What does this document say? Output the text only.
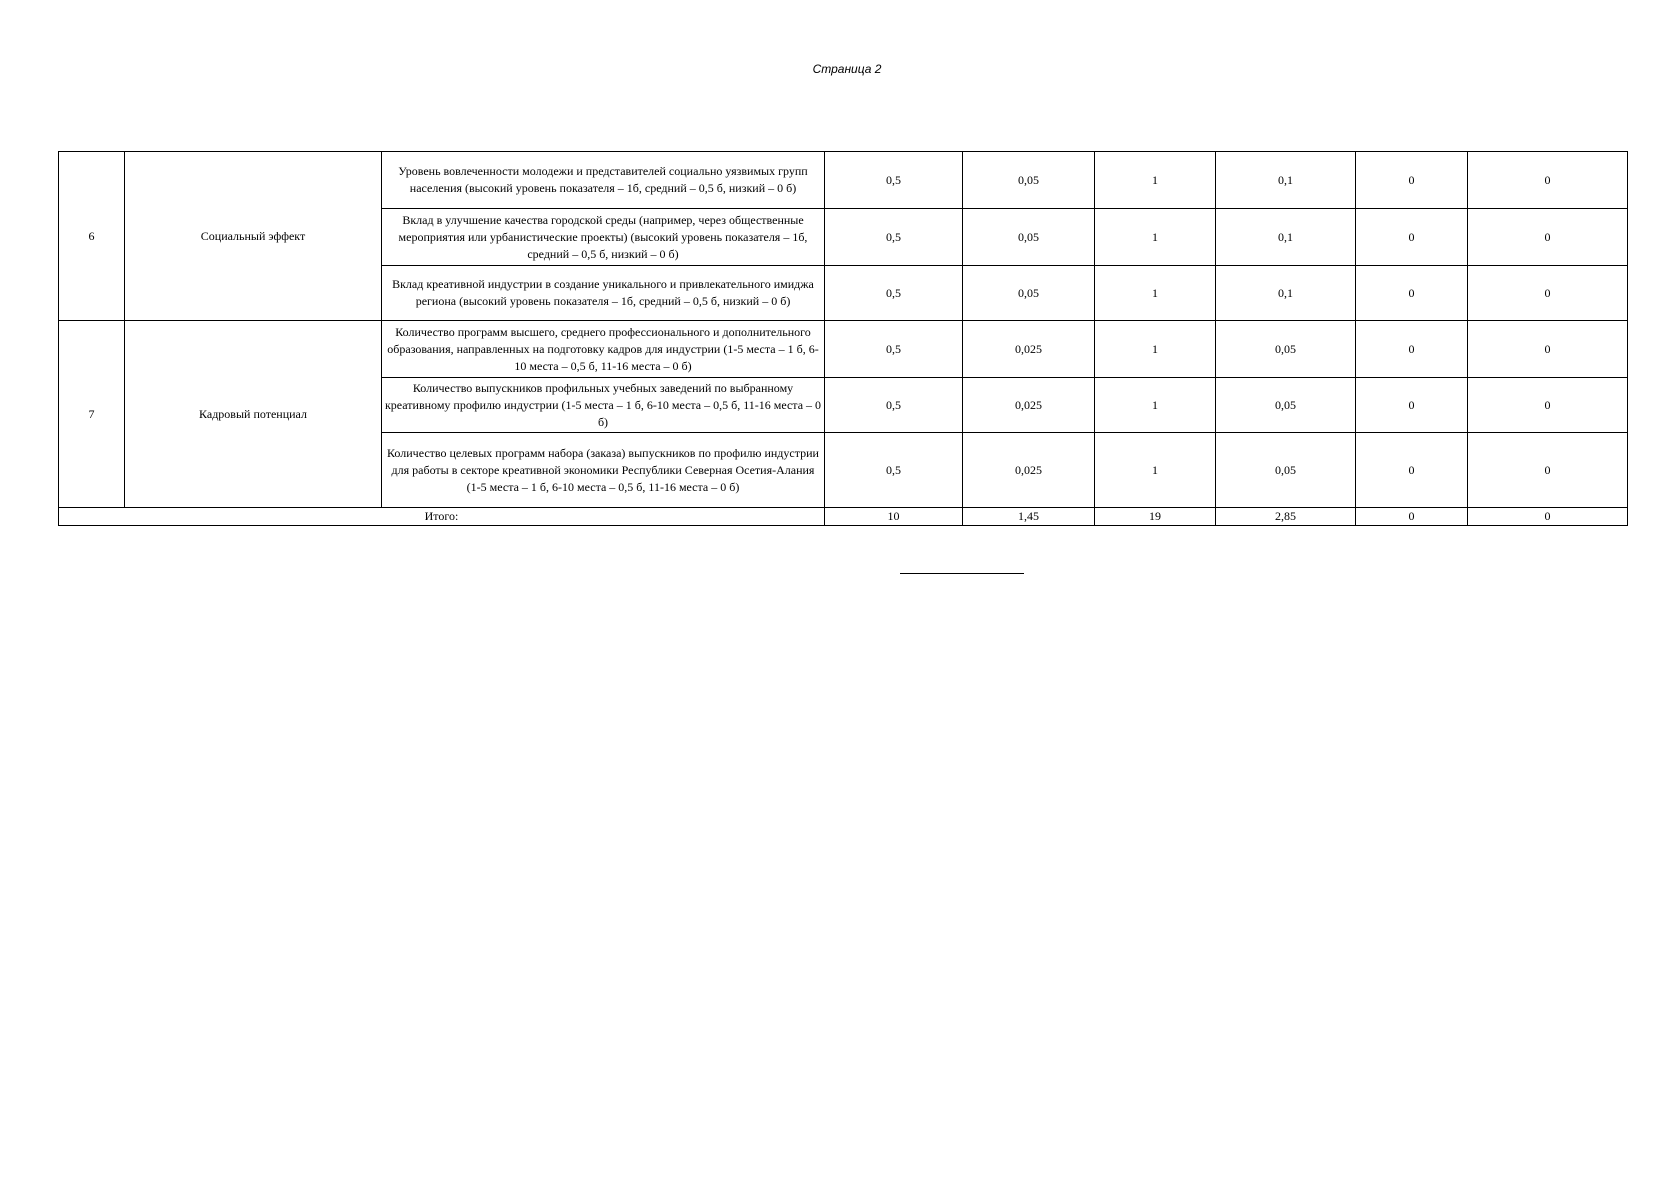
Страница 2
6	Социальный эффект	Уровень вовлеченности молодежи и представителей социально уязвимых групп населения (высокий уровень показателя – 1б, средний – 0,5 б, низкий – 0 б)	0,5	0,05	1	0,1	0	0
		Вклад в улучшение качества городской среды (например, через общественные мероприятия или урбанистические проекты) (высокий уровень показателя – 1б, средний – 0,5 б, низкий – 0 б)	0,5	0,05	1	0,1	0	0
		Вклад креативной индустрии в создание уникального и привлекательного имиджа региона (высокий уровень показателя – 1б, средний – 0,5 б, низкий – 0 б)	0,5	0,05	1	0,1	0	0
7	Кадровый потенциал	Количество программ высшего, среднего профессионального и дополнительного образования, направленных на подготовку кадров для индустрии (1-5 места – 1 б, 6-10 места – 0,5 б, 11-16 места – 0 б)	0,5	0,025	1	0,05	0	0
		Количество выпускников профильных учебных заведений по выбранному креативному профилю индустрии (1-5 места – 1 б, 6-10 места – 0,5 б, 11-16 места – 0 б)	0,5	0,025	1	0,05	0	0
		Количество целевых программ набора (заказа) выпускников по профилю индустрии для работы в секторе креативной экономики Республики Северная Осетия-Алания (1-5 места – 1 б, 6-10 места – 0,5 б, 11-16 места – 0 б)	0,5	0,025	1	0,05	0	0
Итого:			10	1,45	19	2,85	0	0
